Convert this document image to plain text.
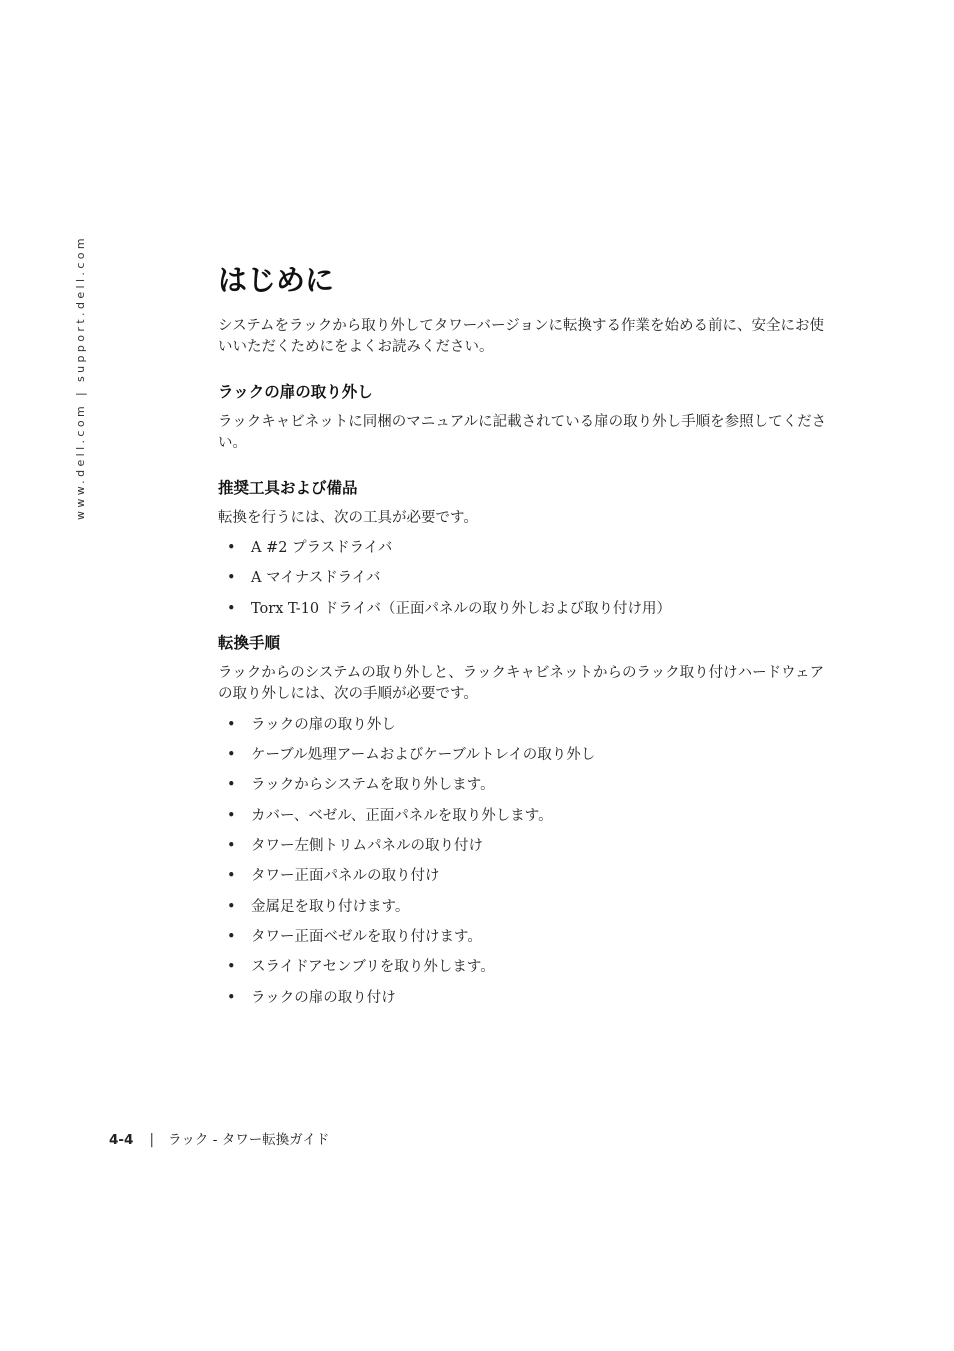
www.dell.com | support.dell.com	はじめに

システムをラックから取り外してタワーバージョンに転換する作業を始める前に、安全にお使いいただくためにをよくお読みください。

ラックの扉の取り外し

ラックキャビネットに同梱のマニュアルに記載されている扉の取り外し手順を参照してください。

推奨工具および備品

転換を行うには、次の工具が必要です。

• A #2 プラスドライバ
• A マイナスドライバ
• Torx T-10 ドライバ（正面パネルの取り外しおよび取り付け用）
転換手順

ラックからのシステムの取り外しと、ラックキャビネットからのラック取り付けハードウェアの取り外しには、次の手順が必要です。

• ラックの扉の取り外し
• ケーブル処理アームおよびケーブルトレイの取り外し
• ラックからシステムを取り外します。
• カバー、ベゼル、正面パネルを取り外します。
• タワー左側トリムパネルの取り付け
• タワー正面パネルの取り付け
• 金属足を取り付けます。
• タワー正面ベゼルを取り付けます。
• スライドアセンブリを取り外します。
• ラックの扉の取り付け
4-4 | ラック - タワー転換ガイド
